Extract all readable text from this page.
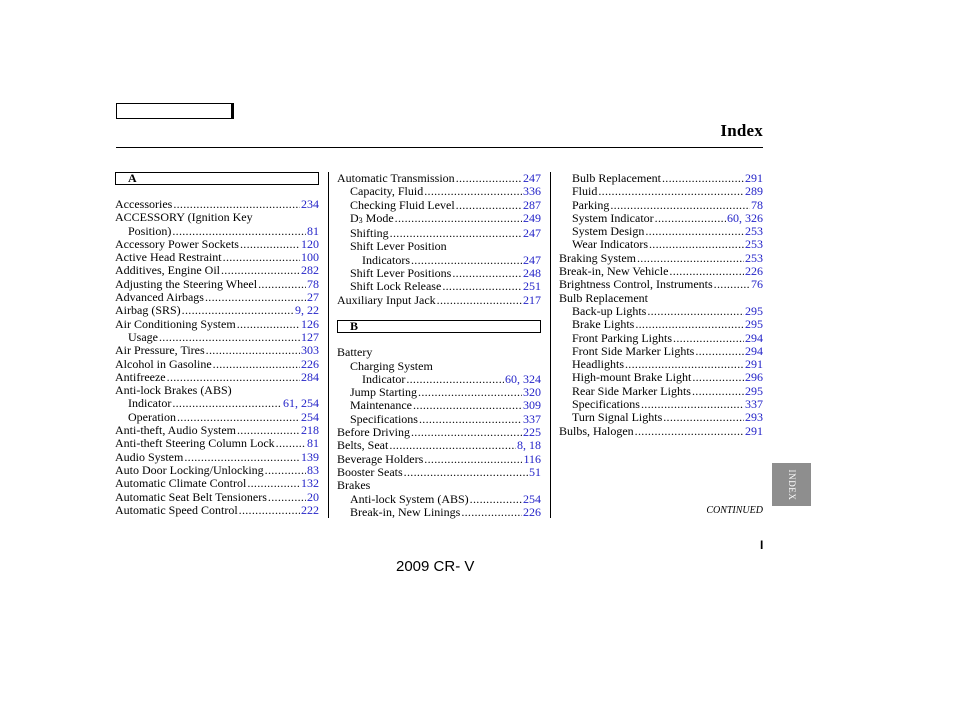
Index
A
Accessories .....	234
ACCESSORY (Ignition Key
Position) .....	81
Accessory Power Sockets .....	120
Active Head Restraint .....	100
Additives, Engine Oil .....	282
Adjusting the Steering Wheel .....	78
Advanced Airbags .....	27
Airbag (SRS) .....	9, 22
Air Conditioning System .....	126
Usage .....	127
Air Pressure, Tires .....	303
Alcohol in Gasoline .....	226
Antifreeze .....	284
Anti-lock Brakes (ABS)
Indicator .....	61, 254
Operation .....	254
Anti-theft, Audio System .....	218
Anti-theft Steering Column Lock .....	81
Audio System .....	139
Auto Door Locking/Unlocking .....	83
Automatic Climate Control .....	132
Automatic Seat Belt Tensioners .....	20
Automatic Speed Control .....	222
Automatic Transmission .....	247
Capacity, Fluid .....	336
Checking Fluid Level .....	287
D3 Mode .....	249
Shifting .....	247
Shift Lever Position
Indicators .....	247
Shift Lever Positions .....	248
Shift Lock Release .....	251
Auxiliary Input Jack .....	217
B
Battery
Charging System
Indicator .....	60, 324
Jump Starting .....	320
Maintenance .....	309
Specifications .....	337
Before Driving .....	225
Belts, Seat .....	8, 18
Beverage Holders .....	116
Booster Seats .....	51
Brakes
Anti-lock System (ABS) .....	254
Break-in, New Linings .....	226
Bulb Replacement .....	291
Fluid .....	289
Parking .....	78
System Indicator .....	60, 326
System Design .....	253
Wear Indicators .....	253
Braking System .....	253
Break-in, New Vehicle .....	226
Brightness Control, Instruments .....	76
Bulb Replacement
Back-up Lights .....	295
Brake Lights .....	295
Front Parking Lights .....	294
Front Side Marker Lights .....	294
Headlights .....	291
High-mount Brake Light .....	296
Rear Side Marker Lights .....	295
Specifications .....	337
Turn Signal Lights .....	293
Bulbs, Halogen .....	291
INDEX
CONTINUED
I
2009 CR- V
